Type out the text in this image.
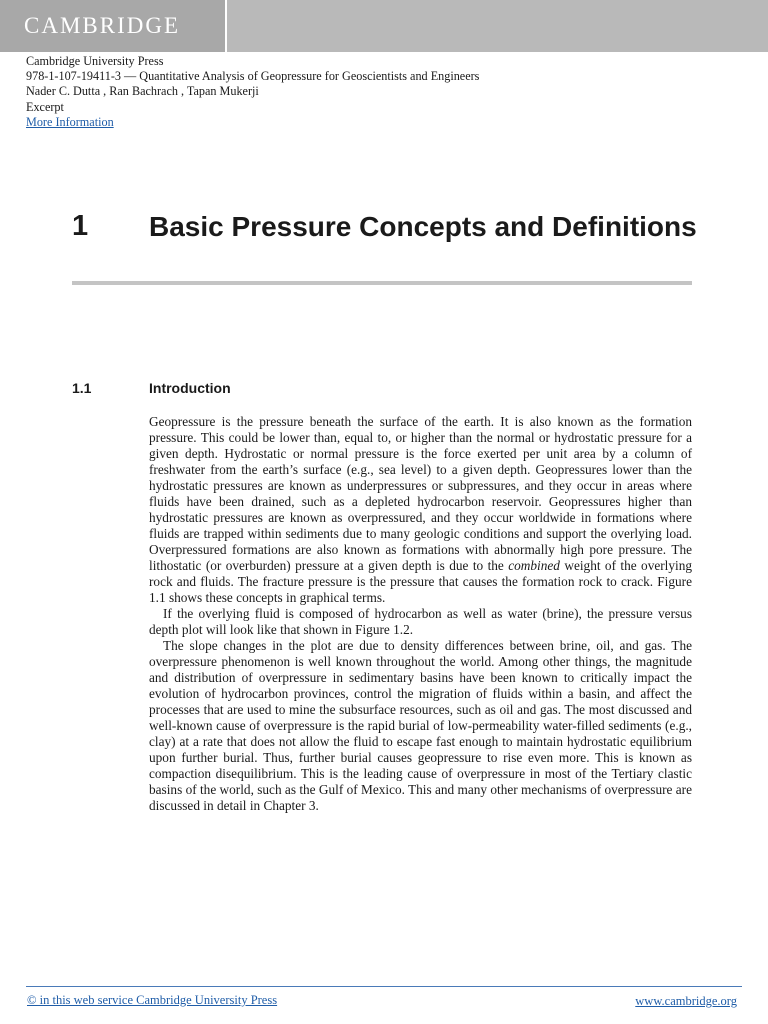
CAMBRIDGE
Cambridge University Press
978-1-107-19411-3 — Quantitative Analysis of Geopressure for Geoscientists and Engineers
Nader C. Dutta , Ran Bachrach , Tapan Mukerji
Excerpt
More Information
1 Basic Pressure Concepts and Definitions
1.1	Introduction

Geopressure is the pressure beneath the surface of the earth. It is also known as the formation pressure. This could be lower than, equal to, or higher than the normal or hydrostatic pressure for a given depth. Hydrostatic or normal pressure is the force exerted per unit area by a column of freshwater from the earth’s surface (e.g., sea level) to a given depth. Geopressures lower than the hydrostatic pressures are known as underpressures or subpressures, and they occur in areas where fluids have been drained, such as a depleted hydrocarbon reservoir. Geopressures higher than hydrostatic pressures are known as overpressured, and they occur worldwide in formations where fluids are trapped within sediments due to many geologic conditions and support the overlying load. Overpressured formations are also known as formations with abnormally high pore pressure. The lithostatic (or overburden) pressure at a given depth is due to the combined weight of the overlying rock and fluids. The fracture pressure is the pressure that causes the formation rock to crack. Figure 1.1 shows these concepts in graphical terms.

If the overlying fluid is composed of hydrocarbon as well as water (brine), the pressure versus depth plot will look like that shown in Figure 1.2.

The slope changes in the plot are due to density differences between brine, oil, and gas. The overpressure phenomenon is well known throughout the world. Among other things, the magnitude and distribution of overpressure in sedimentary basins have been known to critically impact the evolution of hydrocarbon provinces, control the migration of fluids within a basin, and affect the processes that are used to mine the subsurface resources, such as oil and gas. The most discussed and well-known cause of overpressure is the rapid burial of low-permeability water-filled sediments (e.g., clay) at a rate that does not allow the fluid to escape fast enough to maintain hydrostatic equilibrium upon further burial. Thus, further burial causes geopressure to rise even more. This is known as compaction disequilibrium. This is the leading cause of overpressure in most of the Tertiary clastic basins of the world, such as the Gulf of Mexico. This and many other mechanisms of overpressure are discussed in detail in Chapter 3.

© in this web service Cambridge University Press	www.cambridge.org
